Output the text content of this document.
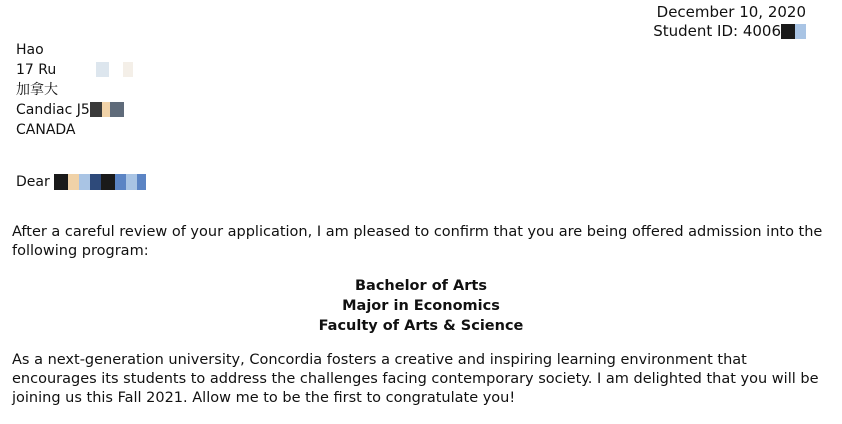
December 10, 2020
Student ID: 4006
Hao
17 Ru
加拿大
Candiac J5
CANADA
Dear
After a careful review of your application, I am pleased to confirm that you are being offered admission into the following program:
Bachelor of Arts
Major in Economics
Faculty of Arts & Science
As a next-generation university, Concordia fosters a creative and inspiring learning environment that encourages its students to address the challenges facing contemporary society. I am delighted that you will be joining us this Fall 2021. Allow me to be the first to congratulate you!
